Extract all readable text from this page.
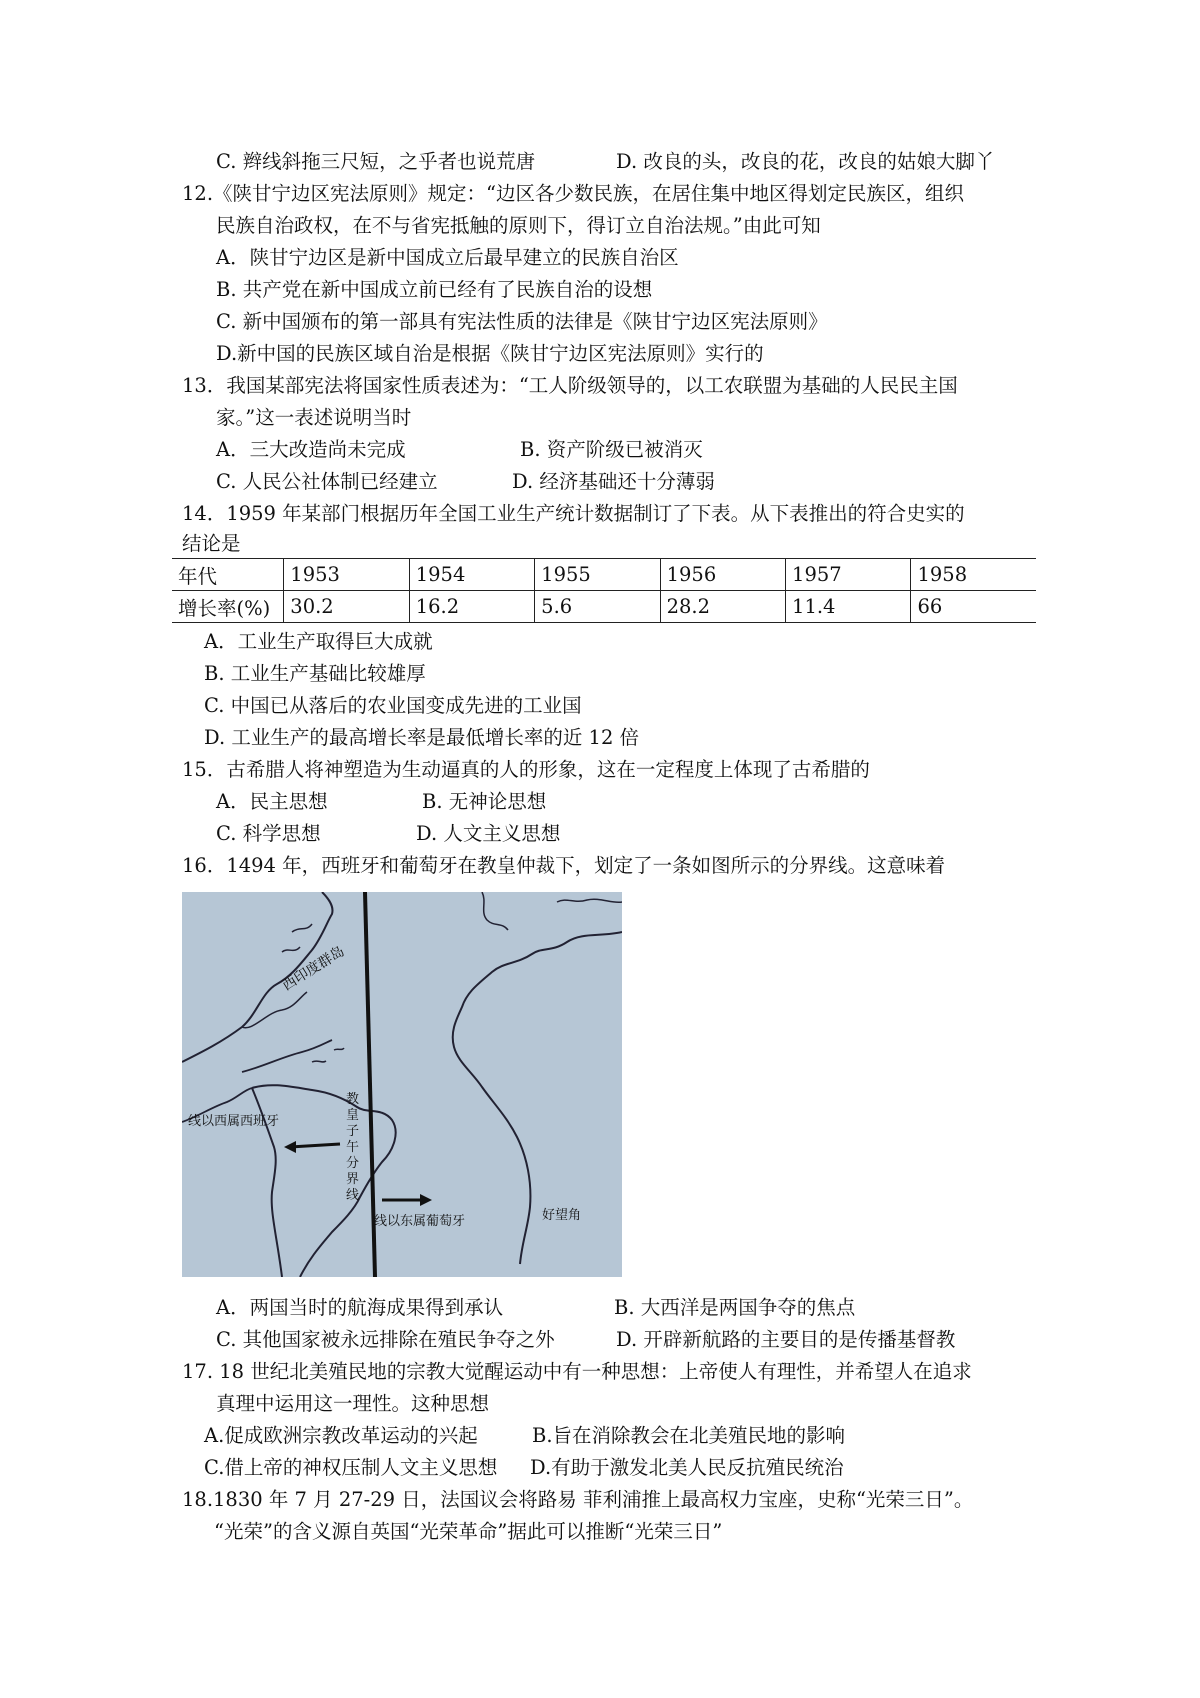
C. 辫线斜拖三尺短，之乎者也说荒唐	D. 改良的头，改良的花，改良的姑娘大脚丫
12.《陕甘宁边区宪法原则》规定：“边区各少数民族，在居住集中地区得划定民族区，组织
民族自治政权，在不与省宪抵触的原则下，得订立自治法规。”由此可知
A．陕甘宁边区是新中国成立后最早建立的民族自治区
B. 共产党在新中国成立前已经有了民族自治的设想
C. 新中国颁布的第一部具有宪法性质的法律是《陕甘宁边区宪法原则》
D.新中国的民族区域自治是根据《陕甘宁边区宪法原则》实行的
13．我国某部宪法将国家性质表述为：“工人阶级领导的，以工农联盟为基础的人民民主国
家。”这一表述说明当时
A．三大改造尚未完成	B. 资产阶级已被消灭
C. 人民公社体制已经建立	D. 经济基础还十分薄弱
14．1959 年某部门根据历年全国工业生产统计数据制订了下表。从下表推出的符合史实的
结论是
年代	1953	1954	1955	1956	1957	1958
增长率(%)	30.2	16.2	5.6	28.2	11.4	66
A．工业生产取得巨大成就
B. 工业生产基础比较雄厚
C. 中国已从落后的农业国变成先进的工业国
D. 工业生产的最高增长率是最低增长率的近 12 倍
15．古希腊人将神塑造为生动逼真的人的形象，这在一定程度上体现了古希腊的
A．民主思想	B. 无神论思想
C. 科学思想	D. 人文主义思想
16．1494 年，西班牙和葡萄牙在教皇仲裁下，划定了一条如图所示的分界线。这意味着
西印度群岛
线以西属西班牙
教
皇
子
午
分
界
线
线以东属葡萄牙	好望角
A．两国当时的航海成果得到承认	B. 大西洋是两国争夺的焦点
C. 其他国家被永远排除在殖民争夺之外	D. 开辟新航路的主要目的是传播基督教
17. 18 世纪北美殖民地的宗教大觉醒运动中有一种思想：上帝使人有理性，并希望人在追求
真理中运用这一理性。这种思想
A.促成欧洲宗教改革运动的兴起	B.旨在消除教会在北美殖民地的影响
C.借上帝的神权压制人文主义思想 D.有助于激发北美人民反抗殖民统治
18.1830 年 7 月 27-29 日，法国议会将路易 菲利浦推上最高权力宝座，史称“光荣三日”。
“光荣”的含义源自英国“光荣革命”据此可以推断“光荣三日”
